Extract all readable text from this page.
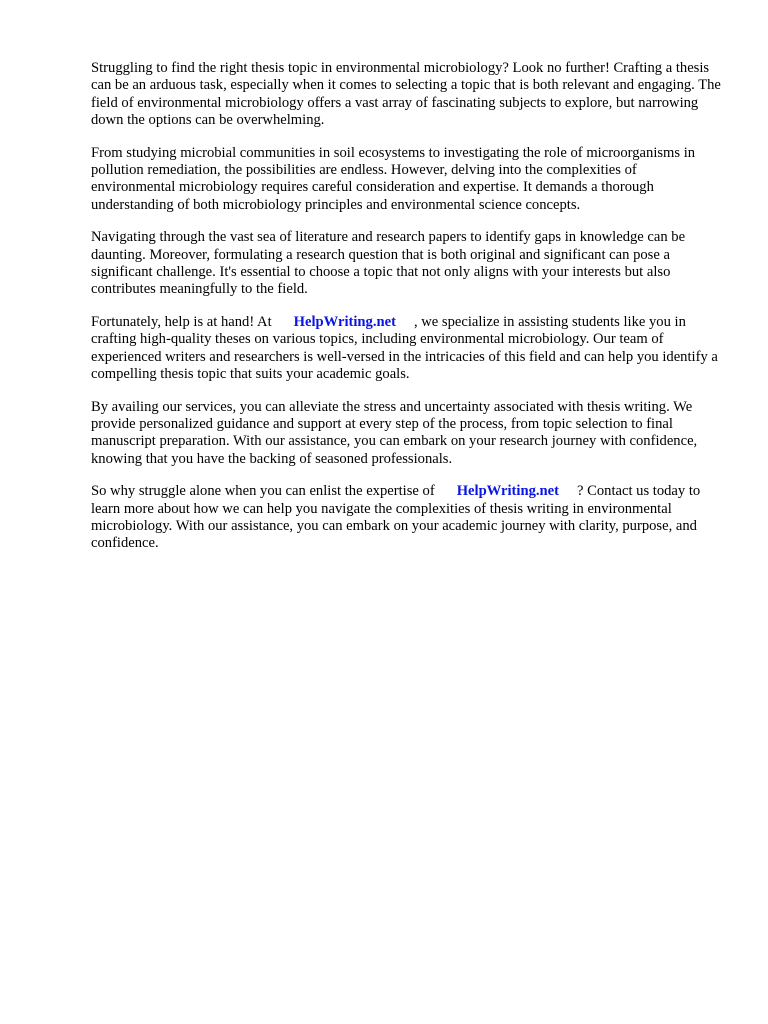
Struggling to find the right thesis topic in environmental microbiology? Look no further! Crafting a thesis can be an arduous task, especially when it comes to selecting a topic that is both relevant and engaging. The field of environmental microbiology offers a vast array of fascinating subjects to explore, but narrowing down the options can be overwhelming.

From studying microbial communities in soil ecosystems to investigating the role of microorganisms in pollution remediation, the possibilities are endless. However, delving into the complexities of environmental microbiology requires careful consideration and expertise. It demands a thorough understanding of both microbiology principles and environmental science concepts.

Navigating through the vast sea of literature and research papers to identify gaps in knowledge can be daunting. Moreover, formulating a research question that is both original and significant can pose a significant challenge. It's essential to choose a topic that not only aligns with your interests but also contributes meaningfully to the field.

Fortunately, help is at hand! At HelpWriting.net , we specialize in assisting students like you in crafting high-quality theses on various topics, including environmental microbiology. Our team of experienced writers and researchers is well-versed in the intricacies of this field and can help you identify a compelling thesis topic that suits your academic goals.

By availing our services, you can alleviate the stress and uncertainty associated with thesis writing. We provide personalized guidance and support at every step of the process, from topic selection to final manuscript preparation. With our assistance, you can embark on your research journey with confidence, knowing that you have the backing of seasoned professionals.

So why struggle alone when you can enlist the expertise of HelpWriting.net ? Contact us today to learn more about how we can help you navigate the complexities of thesis writing in environmental microbiology. With our assistance, you can embark on your academic journey with clarity, purpose, and confidence.
